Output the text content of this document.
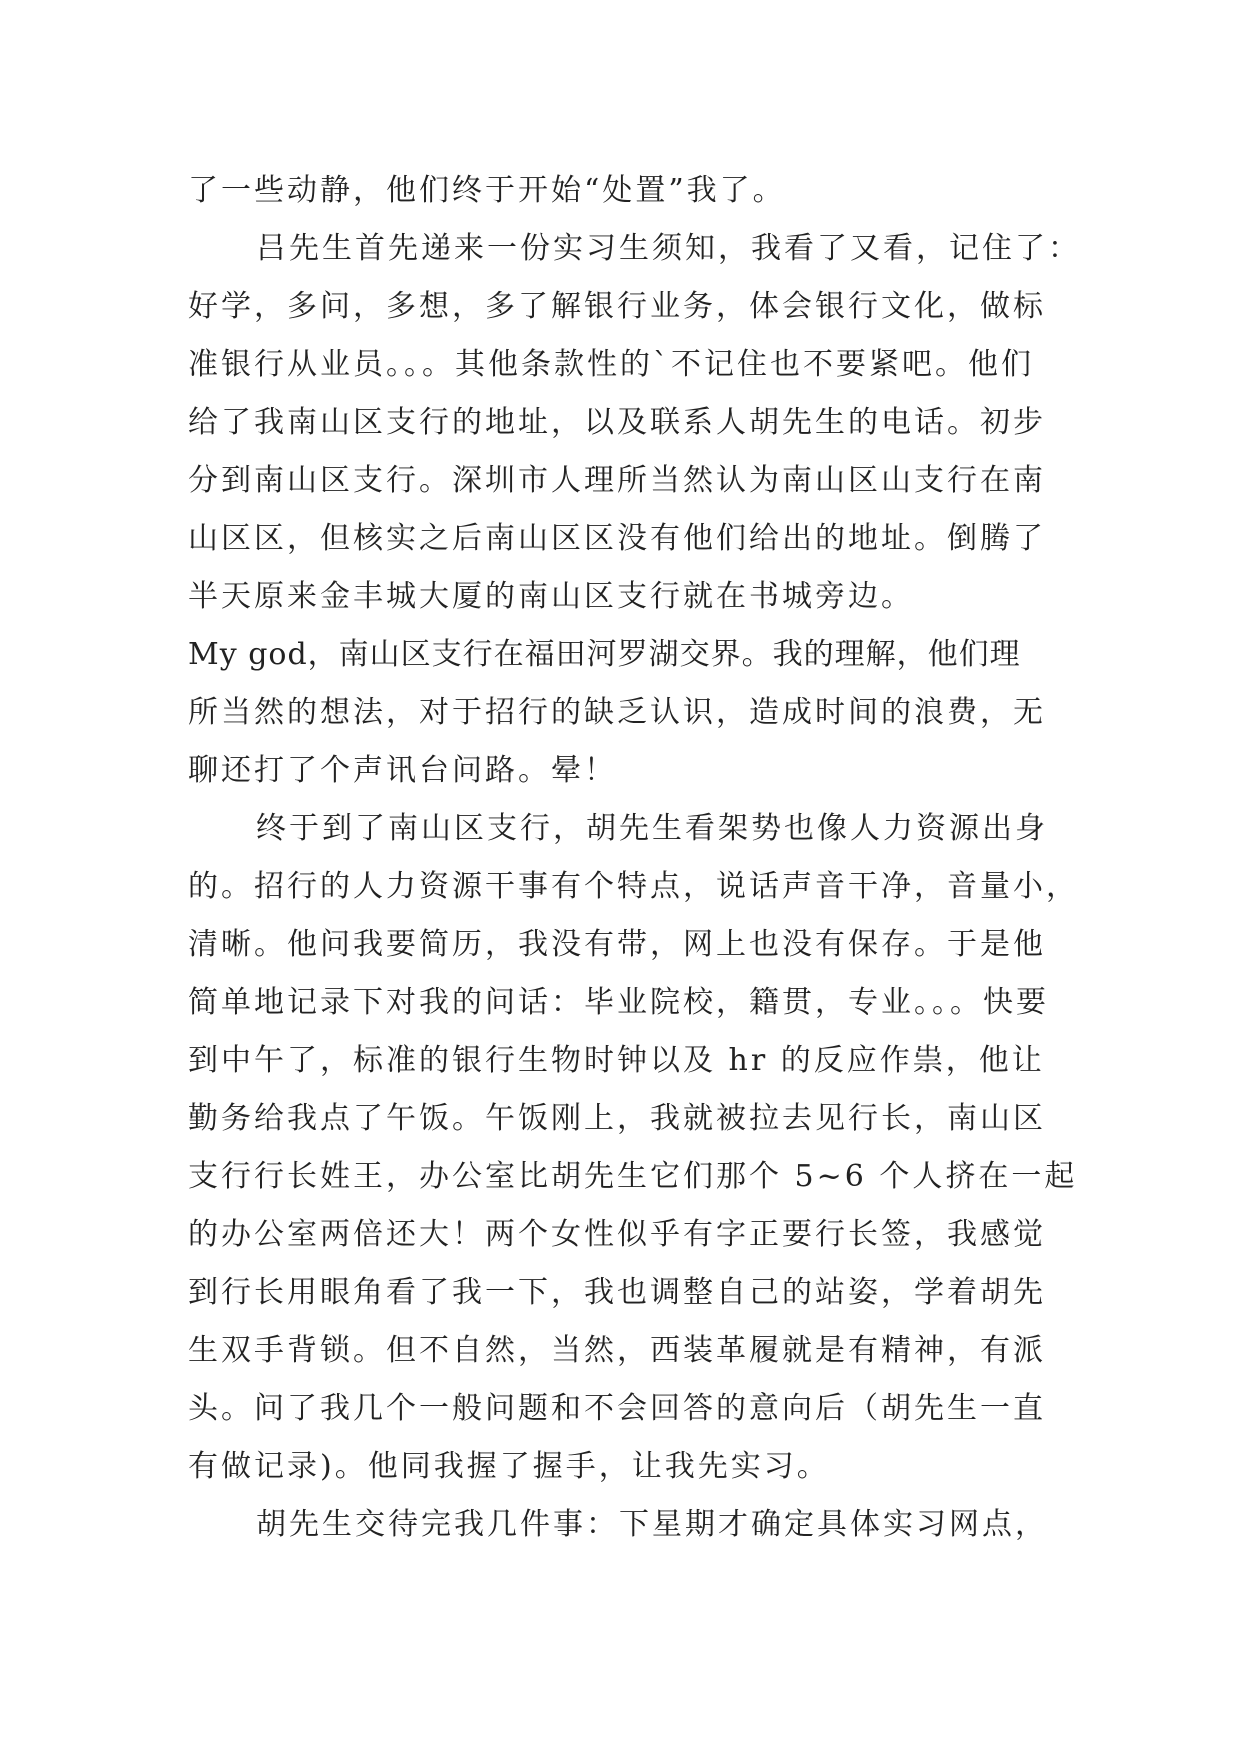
了一些动静，他们终于开始“处置”我了。
吕先生首先递来一份实习生须知，我看了又看，记住了：
好学，多问，多想，多了解银行业务，体会银行文化，做标
准银行从业员。。。其他条款性的`不记住也不要紧吧。他们
给了我南山区支行的地址，以及联系人胡先生的电话。初步
分到南山区支行。深圳市人理所当然认为南山区山支行在南
山区区，但核实之后南山区区没有他们给出的地址。倒腾了
半天原来金丰城大厦的南山区支行就在书城旁边。
My god，南山区支行在福田河罗湖交界。我的理解，他们理
所当然的想法，对于招行的缺乏认识，造成时间的浪费，无
聊还打了个声讯台问路。晕！
终于到了南山区支行，胡先生看架势也像人力资源出身
的。招行的人力资源干事有个特点，说话声音干净，音量小，
清晰。他问我要简历，我没有带，网上也没有保存。于是他
简单地记录下对我的问话：毕业院校，籍贯，专业。。。快要
到中午了，标准的银行生物时钟以及 hr 的反应作祟，他让
勤务给我点了午饭。午饭刚上，我就被拉去见行长，南山区
支行行长姓王，办公室比胡先生它们那个 5~6 个人挤在一起
的办公室两倍还大！两个女性似乎有字正要行长签，我感觉
到行长用眼角看了我一下，我也调整自己的站姿，学着胡先
生双手背锁。但不自然，当然，西装革履就是有精神，有派
头。问了我几个一般问题和不会回答的意向后（胡先生一直
有做记录)。他同我握了握手，让我先实习。
胡先生交待完我几件事：下星期才确定具体实习网点，
